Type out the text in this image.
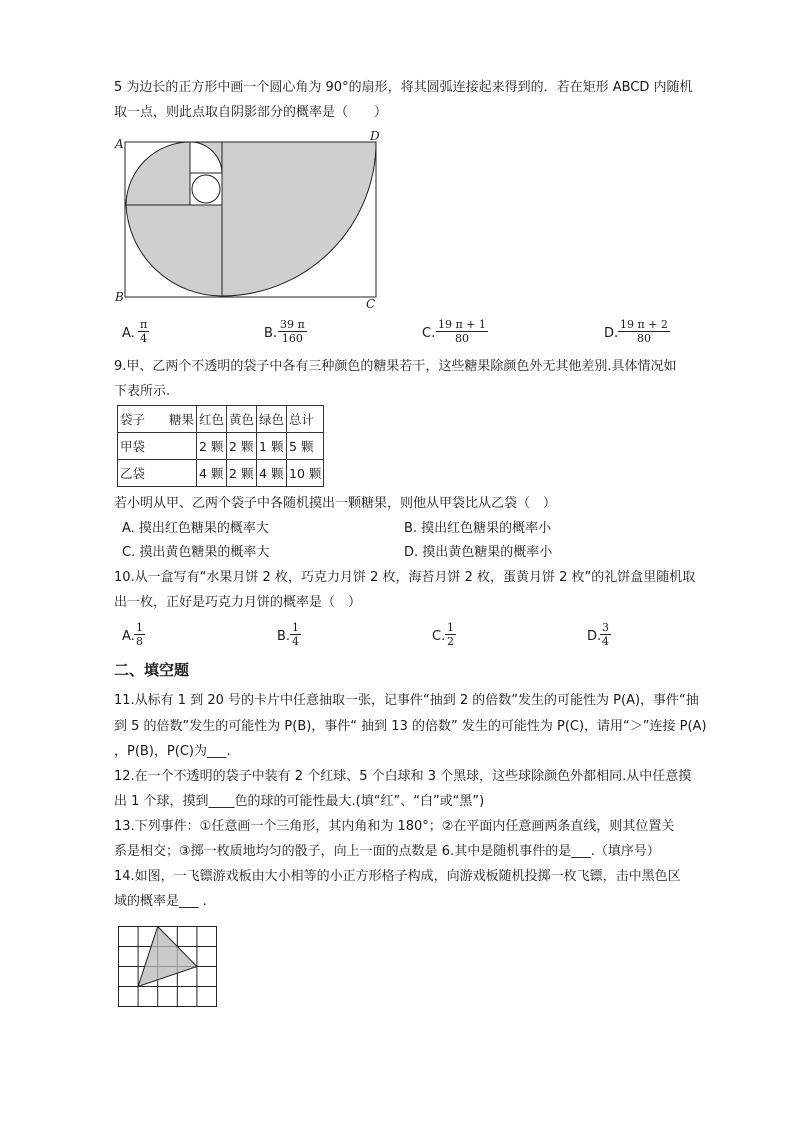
5 为边长的正方形中画一个圆心角为 90°的扇形，将其圆弧连接起来得到的．若在矩形 ABCD 内随机
取一点，则此点取自阴影部分的概率是（　　）
A
B	C
D
A. $\frac{\pi}{4}$	B. $\frac{39 \pi}{160}$	C. $\frac{19 \pi + 1}{80}$	D. $\frac{19 \pi + 2}{80}$
9.甲、乙两个不透明的袋子中各有三种颜色的糖果若干，这些糖果除颜色外无其他差别.具体情况如
下表所示.
袋子 糖果	红色	黄色	绿色	总计
甲袋	2 颗	2 颗	1 颗	5 颗
乙袋	4 颗	2 颗	4 颗	10 颗
若小明从甲、乙两个袋子中各随机摸出一颗糖果，则他从甲袋比从乙袋（　）
A. 摸出红色糖果的概率大	B. 摸出红色糖果的概率小
C. 摸出黄色糖果的概率大	D. 摸出黄色糖果的概率小
10.从一盒写有“水果月饼 2 枚，巧克力月饼 2 枚，海苔月饼 2 枚，蛋黄月饼 2 枚”的礼饼盒里随机取
出一枚，正好是巧克力月饼的概率是（　）
A. $\frac{1}{8}$	B. $\frac{1}{4}$	C. $\frac{1}{2}$	D.
$\frac{3}{4}$
二、填空题
11.从标有 1 到 20 号的卡片中任意抽取一张，记事件“抽到 2 的倍数”发生的可能性为 P(A)，事件“抽
到 5 的倍数”发生的可能性为 P(B)，事件“ 抽到 13 的倍数” 发生的可能性为 P(C)，请用“＞”连接 P(A)
，P(B)，P(C)为___.
12.在一个不透明的袋子中装有 2 个红球、5 个白球和 3 个黑球，这些球除颜色外都相同.从中任意摸
出 1 个球，摸到____色的球的可能性最大.(填“红”、“白”或“黑”)
13.下列事件：①任意画一个三角形，其内角和为 180°；②在平面内任意画两条直线，则其位置关
系是相交；③掷一枚质地均匀的骰子，向上一面的点数是 6.其中是随机事件的是___.（填序号）
14.如图，一飞镖游戏板由大小相等的小正方形格子构成，向游戏板随机投掷一枚飞镖，击中黑色区
域的概率是___ .
